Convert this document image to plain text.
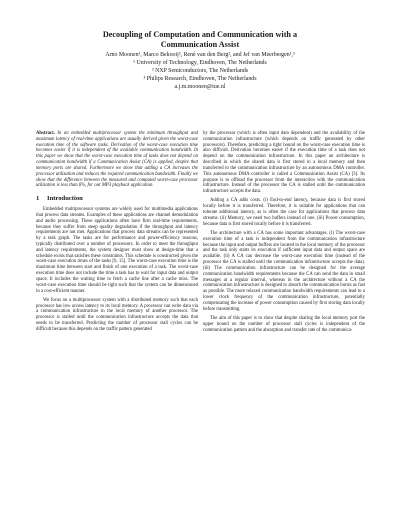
Decoupling of Computation and Communication with a
Communication Assist
Arno Moonen¹, Marco Bekooij², René van den Berg², and Jef van Meerbergen¹,³
¹ University of Technology, Eindhoven, The Netherlands
² NXP Semiconductors, The Netherlands
³ Philips Research, Eindhoven, The Netherlands
a.j.m.moonen@tue.nl

Abstract. In an embedded multiprocessor system the minimum throughput and maximum latency of real-time applications are usually derived given the worst-case execution time of the software tasks. Derivation of the worst-case execution time becomes easier if it is independent of the available communication bandwidth. In this paper we show that the worst-case execution time of tasks does not depend on communication bandwidth if a Communication Assist (CA) is applied, despite that memory ports are shared. Furthermore we show that adding a CA increases the processor utilization and reduces the required communication bandwidth. Finally we show that the difference between the measured and computed worst-case processor utilization is less than 6%, for our MP3 playback application.

1 Introduction

Embedded multiprocessor systems are widely used for multimedia applications that process data streams. Examples of these applications are channel demodulation and audio processing. These applications often have firm real-time requirements, because they suffer from steep quality degradation if the throughput and latency requirements are not met. Applications that process data streams can be represented by a task graph. The tasks are for performance and power-efficiency reasons, typically distributed over a number of processors. In order to meet the throughput and latency requirements, the system designer must show at design-time that a schedule exists that satisfies these constraints. This schedule is constructed given the worst-case execution times of the tasks [6, 15]. The worst-case execution time is the maximum time between start and finish of one execution of a task. The worst-case execution time does not include the time a task has to wait for input data and output space. It includes the waiting time to fetch a cache line after a cache miss. The worst-case execution time should be tight such that the system can be dimensioned in a cost-efficient manner.

We focus on a multiprocessor system with a distributed memory such that each processor has low access latency to its local memory. A processor can write data via a communication infrastructure in the local memory of another processor. The processor is stalled until the communication infrastructure accepts the data that needs to be transferred. Predicting the number of processor stall cycles can be difficult because this depends on the traffic pattern generated

by the processor (which is often input data dependent) and the availability of the communication infrastructure (which depends on traffic generated by other processors). Therefore, predicting a tight bound on the worst-case execution time is also difficult. Derivation becomes easier if the execution time of a task does not depend on the communication infrastructure. In this paper an architecture is described in which the shared data is first stored in a local memory and then transferred to the communication infrastructure by an autonomous DMA controller. This autonomous DMA controller is called a Communication Assist (CA) [3]. Its purpose is to offload the processor from the interaction with the communication infrastructure. Instead of the processor the CA is stalled until the communication infrastructure accepts the data.

Adding a CA adds costs. (i) End-to-end latency, because data is first stored locally before it is transferred. Therefore, it is suitable for applications that can tolerate additional latency, as is often the case for applications that process data streams. (ii) Memory, we need two buffers instead of one. (iii) Power consumption, because data is first stored locally before it is transferred.

The architecture with a CA has some important advantages. (i) The worst-case execution time of a task is independent from the communication infrastructure because the input and output buffers are located in the local memory of the processor and the task only starts its execution if sufficient input data and output space are available. (ii) A CA can decrease the worst-case execution time (instead of the processor the CA is stalled until the communication infrastructure accepts the data). (iii) The communication infrastructure can be designed for the average communication bandwidth requirements because the CA can send the data in small messages at a regular interval, whereas in the architecture without a CA the communication infrastructure is designed to absorb the communication bursts as fast as possible. The more relaxed communication bandwidth requirements can lead to a lower clock frequency of the communication infrastructure, potentially compensating the increase of power consumption caused by first storing data locally before transmitting.

The aim of this paper is to show that despite sharing the local memory port the upper bound on the number of processor stall cycles is independent of the communication pattern and the absorption and transfer rate of the communica-
